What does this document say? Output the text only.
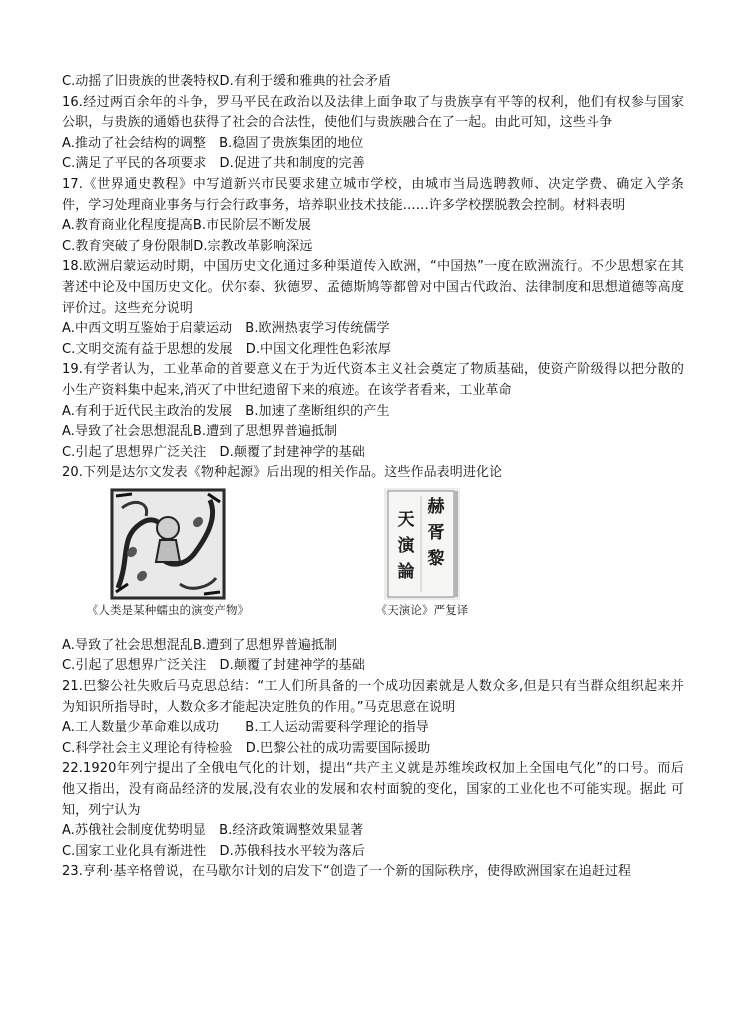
C.动摇了旧贵族的世袭特权D.有利于缓和雅典的社会矛盾
16.经过两百余年的斗争，罗马平民在政治以及法律上面争取了与贵族享有平等的权利，他们有权参与国家公职，与贵族的通婚也获得了社会的合法性，使他们与贵族融合在了一起。由此可知，这些斗争
A.推动了社会结构的调整　B.稳固了贵族集团的地位
C.满足了平民的各项要求　D.促进了共和制度的完善
17.《世界通史教程》中写道新兴市民要求建立城市学校，由城市当局选聘教师、决定学费、确定入学条件，学习处理商业事务与行会行政事务，培养职业技术技能……许多学校摆脱教会控制。材料表明
A.教育商业化程度提高B.市民阶层不断发展
C.教育突破了身份限制D.宗教改革影响深远
18.欧洲启蒙运动时期，中国历史文化通过多种渠道传入欧洲，“中国热”一度在欧洲流行。不少思想家在其著述中论及中国历史文化。伏尔泰、狄德罗、孟德斯鸠等都曾对中国古代政治、法律制度和思想道德等高度评价过。这些充分说明
A.中西文明互鉴始于启蒙运动　B.欧洲热衷学习传统儒学
C.文明交流有益于思想的发展　D.中国文化理性色彩浓厚
19.有学者认为，工业革命的首要意义在于为近代资本主义社会奠定了物质基础，使资产阶级得以把分散的小生产资料集中起来,消灭了中世纪遗留下来的痕迹。在该学者看来，工业革命
A.有利于近代民主政治的发展　B.加速了垄断组织的产生
A.导致了社会思想混乱B.遭到了思想界普遍抵制
C.引起了思想界广泛关注　D.颠覆了封建神学的基础
20.下列是达尔文发表《物种起源》后出现的相关作品。这些作品表明进化论
《人类是某种蠕虫的演变产物》
天演論
赫胥黎
《天演论》严复译
A.导致了社会思想混乱B.遭到了思想界普遍抵制
C.引起了思想界广泛关注　D.颠覆了封建神学的基础
21.巴黎公社失败后马克思总结：“工人们所具备的一个成功因素就是人数众多,但是只有当群众组织起来并 为知识所指导时，人数众多才能起决定胜负的作用。”马克思意在说明
A.工人数量少革命难以成功　　B.工人运动需要科学理论的指导
C.科学社会主义理论有待检验　D.巴黎公社的成功需要国际援助
22.1920年列宁提出了全俄电气化的计划，提出“共产主义就是苏维埃政权加上全国电气化”的口号。而后 他又指出，没有商品经济的发展,没有农业的发展和农村面貌的变化，国家的工业化也不可能实现。据此 可知，列宁认为
A.苏俄社会制度优势明显　B.经济政策调整效果显著
C.国家工业化具有渐进性　D.苏俄科技水平较为落后
23.亨利·基辛格曾说，在马歇尔计划的启发下“创造了一个新的国际秩序，使得欧洲国家在追赶过程
